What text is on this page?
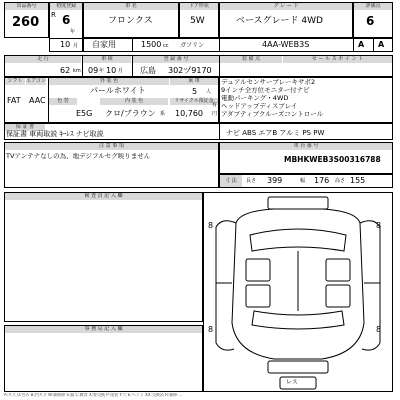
出品番号
260
初度登録
R 6
年
車 名
フロンクス
ドア形状
5W
グ レ ー ド
ベースグレード 4WD
評価点
6
10 月 自家用	1500 cc ガソリン	4AA-WEB3S	A A
走 行
62 km
車 検
09 年 10 月
登 録 番 号
広島 302ヅ9170
装 備 点
シフト エアコン
FAT AAC
外 装 色
パールホワイト
乗 車
5 人
色 替
E5G
内 装 色
クロ/ブラウン 系
リサイクル預託金
有
10,760 円
セ ー ル ス ポ イ ン ト
デュアルセンサーブレーキサポ2
9インチ全方位モニター付ナビ
電動パーキング・4WD
ヘッドアップディスプレイ
アダプティブクルーズコントロール
保 証 書
保証書 車両取説 ｷｰﾚｽ ナビ取説	ナビ ABS エアB アルミ PS PW
注 意 事 項
TVアンテナなしの為、地デジフルセグ映りません
車 台 番 号
MBHKWEB3S00316788
寸 法	長さ 399	幅 176 高さ 155
検 査 員 記 入 欄
8	8
8	8
レス
事 務 局 記 入 欄
A:キズ U:凹み B:凹キズ W:補修跡 S:錆 C:腐食 X:要交換 P:塗装 Y:穴 E:ヘコミ XX:交換済 R:補修 ...
